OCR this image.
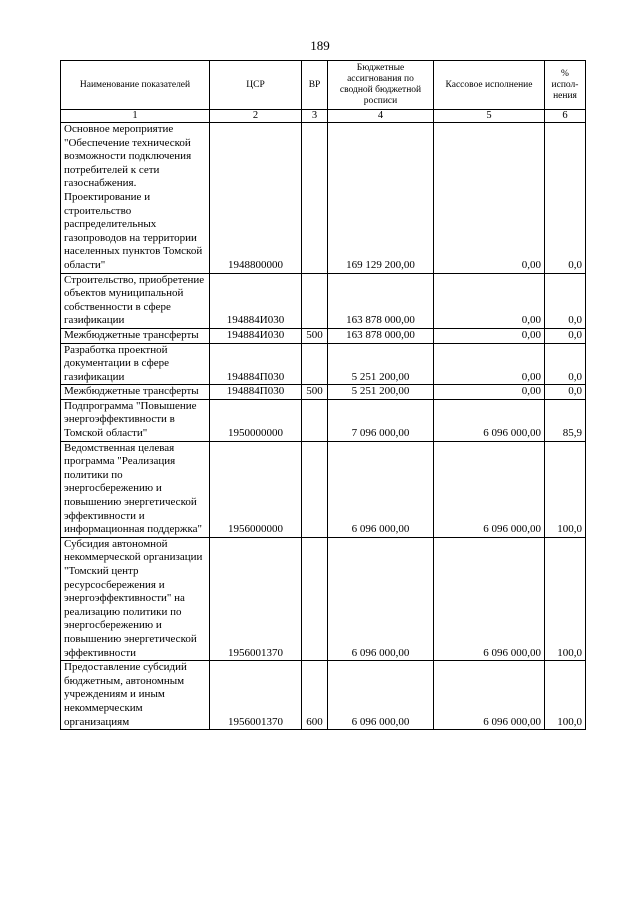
189
Наименование показателей	ЦСР	ВР	Бюджетные ассигнования по сводной бюджетной росписи	Кассовое исполнение	% испол-нения
1	2	3	4	5	6
Основное мероприятие "Обеспечение технической возможности подключения потребителей к сети газоснабжения. Проектирование и строительство распределительных газопроводов на территории населенных пунктов Томской области"	1948800000		169 129 200,00	0,00	0,0
Строительство, приобретение объектов муниципальной собственности в сфере газификации	194884И030		163 878 000,00	0,00	0,0
Межбюджетные трансферты	194884И030	500	163 878 000,00	0,00	0,0
Разработка проектной документации в сфере газификации	194884П030		5 251 200,00	0,00	0,0
Межбюджетные трансферты	194884П030	500	5 251 200,00	0,00	0,0
Подпрограмма "Повышение энергоэффективности в Томской области"	1950000000		7 096 000,00	6 096 000,00	85,9
Ведомственная целевая программа "Реализация политики по энергосбережению и повышению энергетической эффективности и информационная поддержка"	1956000000		6 096 000,00	6 096 000,00	100,0
Субсидия автономной некоммерческой организации "Томский центр ресурсосбережения и энергоэффективности" на реализацию политики по энергосбережению и повышению энергетической эффективности	1956001370		6 096 000,00	6 096 000,00	100,0
Предоставление субсидий бюджетным, автономным учреждениям и иным некоммерческим организациям	1956001370	600	6 096 000,00	6 096 000,00	100,0
